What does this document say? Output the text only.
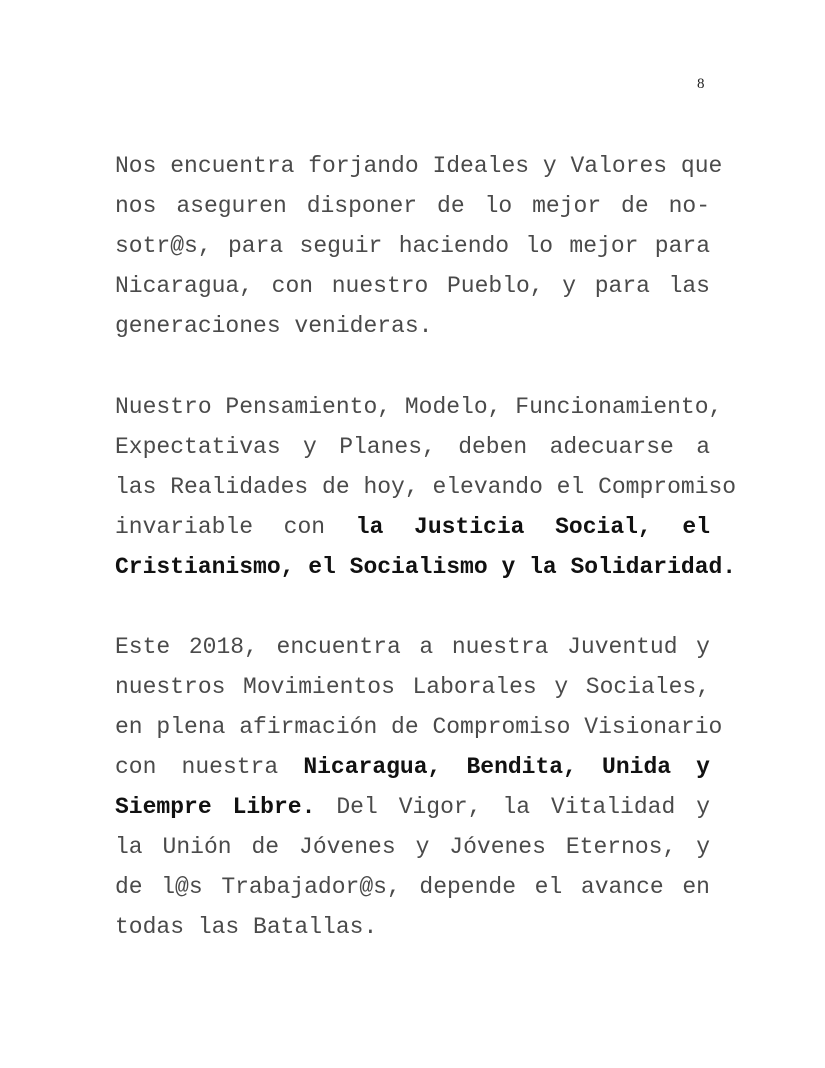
8
Nos encuentra forjando Ideales y Valores que
nos aseguren disponer de lo mejor de no-
sotr@s, para seguir haciendo lo mejor para
Nicaragua, con nuestro Pueblo, y para las
generaciones venideras.
Nuestro Pensamiento, Modelo, Funcionamiento,
Expectativas y Planes, deben adecuarse a
las Realidades de hoy, elevando el Compromiso
invariable con la Justicia Social, el
Cristianismo, el Socialismo y la Solidaridad.
Este 2018, encuentra a nuestra Juventud y
nuestros Movimientos Laborales y Sociales,
en plena afirmación de Compromiso Visionario
con nuestra Nicaragua, Bendita, Unida y
Siempre Libre. Del Vigor, la Vitalidad y
la Unión de Jóvenes y Jóvenes Eternos, y
de l@s Trabajador@s, depende el avance en
todas las Batallas.
